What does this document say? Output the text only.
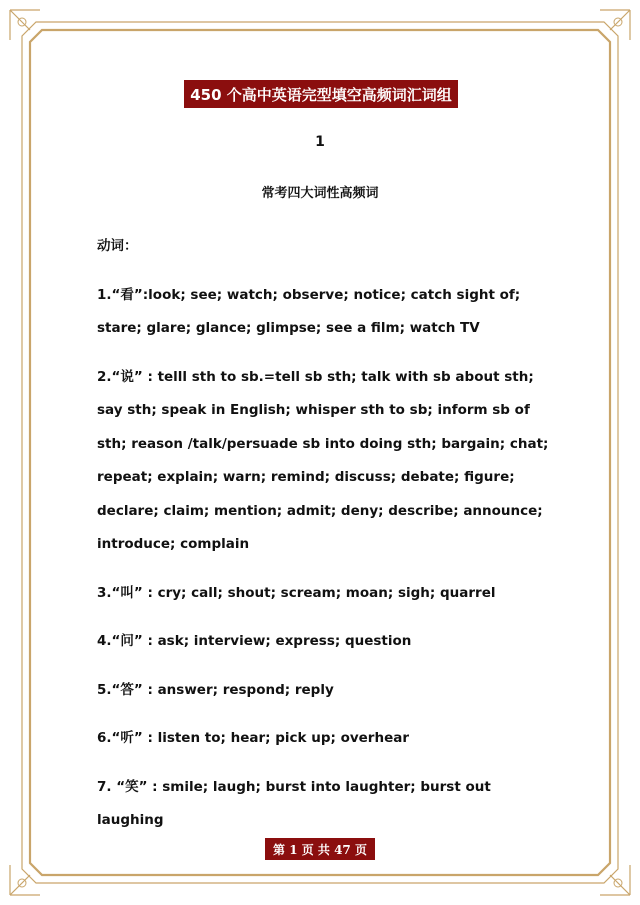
450 个高中英语完型填空高频词汇词组
1
常考四大词性高频词

动词：

1.“看”:look; see; watch; observe; notice; catch sight of; stare; glare; glance; glimpse; see a film; watch TV

2.“说” : telll sth to sb.=tell sb sth; talk with sb about sth; say sth; speak in English; whisper sth to sb; inform sb of sth; reason /talk/persuade sb into doing sth; bargain; chat; repeat; explain; warn; remind; discuss; debate; figure; declare; claim; mention; admit; deny; describe; announce; introduce; complain

3.“叫” : cry; call; shout; scream; moan; sigh; quarrel

4.“问” : ask; interview; express; question

5.“答” : answer; respond; reply

6.“听” : listen to; hear; pick up; overhear

7. “笑” : smile; laugh; burst into laughter; burst out laughing

第 1 页 共 47 页
